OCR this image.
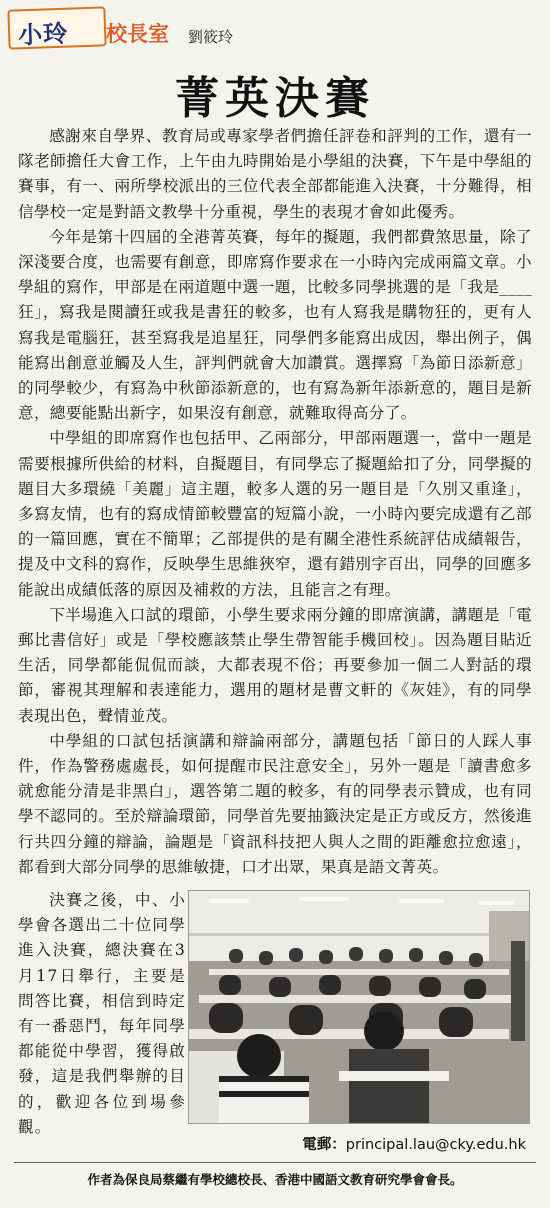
小玲 校長室 劉筱玲
菁英決賽

感謝來自學界、教育局或專家學者們擔任評卷和評判的工作，還有一隊老師擔任大會工作，上午由九時開始是小學組的決賽，下午是中學組的賽事，有一、兩所學校派出的三位代表全部都能進入決賽，十分難得，相信學校一定是對語文教學十分重視，學生的表現才會如此優秀。

今年是第十四屆的全港菁英賽，每年的擬題，我們都費煞思量，除了深淺要合度，也需要有創意，即席寫作要求在一小時內完成兩篇文章。小學組的寫作，甲部是在兩道題中選一題，比較多同學挑選的是「我是____狂」，寫我是閱讀狂或我是書狂的較多，也有人寫我是購物狂的，更有人寫我是電腦狂，甚至寫我是追星狂，同學們多能寫出成因，舉出例子，偶能寫出創意並觸及人生，評判們就會大加讚賞。選擇寫「為節日添新意」的同學較少，有寫為中秋節添新意的，也有寫為新年添新意的，題目是新意，總要能點出新字，如果沒有創意，就難取得高分了。

中學組的即席寫作也包括甲、乙兩部分，甲部兩題選一，當中一題是需要根據所供給的材料，自擬題目，有同學忘了擬題給扣了分，同學擬的題目大多環繞「美麗」這主題，較多人選的另一題目是「久別又重逢」，多寫友情，也有的寫成情節較豐富的短篇小說，一小時內要完成還有乙部的一篇回應，實在不簡單；乙部提供的是有關全港性系統評估成績報告，提及中文科的寫作，反映學生思維狹窄，還有錯別字百出，同學的回應多能說出成績低落的原因及補救的方法，且能言之有理。

下半場進入口試的環節，小學生要求兩分鐘的即席演講，講題是「電郵比書信好」或是「學校應該禁止學生帶智能手機回校」。因為題目貼近生活，同學都能侃侃而談，大都表現不俗；再要參加一個二人對話的環節，審視其理解和表達能力，選用的題材是曹文軒的《灰娃》，有的同學表現出色，聲情並茂。

中學組的口試包括演講和辯論兩部分，講題包括「節日的人踩人事件，作為警務處處長，如何提醒市民注意安全」，另外一題是「讀書愈多就愈能分清是非黑白」，選答第二題的較多，有的同學表示贊成，也有同學不認同的。至於辯論環節，同學首先要抽籤決定是正方或反方，然後進行共四分鐘的辯論，論題是「資訊科技把人與人之間的距離愈拉愈遠」，都看到大部分同學的思維敏捷，口才出眾，果真是語文菁英。

決賽之後，中、小學會各選出二十位同學進入決賽，總決賽在3月17日舉行，主要是問答比賽，相信到時定有一番惡鬥，每年同學都能從中學習，獲得啟發，這是我們舉辦的目的，歡迎各位到場參觀。

電郵：principal.lau@cky.edu.hk
作者為保良局蔡繼有學校總校長、香港中國語文教育研究學會會長。
